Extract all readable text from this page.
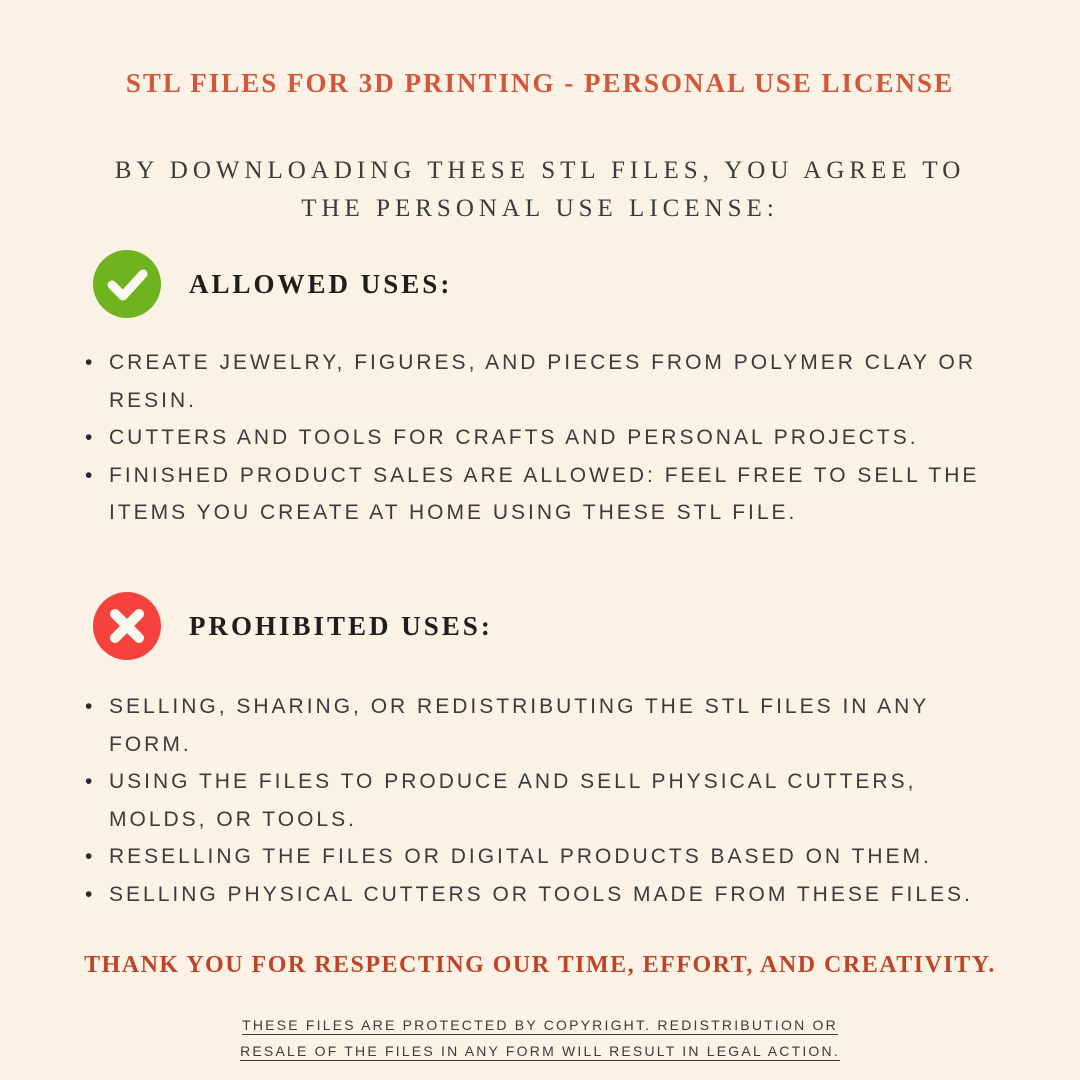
STL FILES FOR 3D PRINTING - PERSONAL USE LICENSE
BY DOWNLOADING THESE STL FILES, YOU AGREE TO
THE PERSONAL USE LICENSE:
ALLOWED USES:
• CREATE JEWELRY, FIGURES, AND PIECES FROM POLYMER CLAY OR RESIN.
• CUTTERS AND TOOLS FOR CRAFTS AND PERSONAL PROJECTS.
• FINISHED PRODUCT SALES ARE ALLOWED: FEEL FREE TO SELL THE ITEMS YOU CREATE AT HOME USING THESE STL FILE.
PROHIBITED USES:
• SELLING, SHARING, OR REDISTRIBUTING THE STL FILES IN ANY FORM.
• USING THE FILES TO PRODUCE AND SELL PHYSICAL CUTTERS, MOLDS, OR TOOLS.
• RESELLING THE FILES OR DIGITAL PRODUCTS BASED ON THEM.
• SELLING PHYSICAL CUTTERS OR TOOLS MADE FROM THESE FILES.
THANK YOU FOR RESPECTING OUR TIME, EFFORT, AND CREATIVITY.
THESE FILES ARE PROTECTED BY COPYRIGHT. REDISTRIBUTION OR
RESALE OF THE FILES IN ANY FORM WILL RESULT IN LEGAL ACTION.
